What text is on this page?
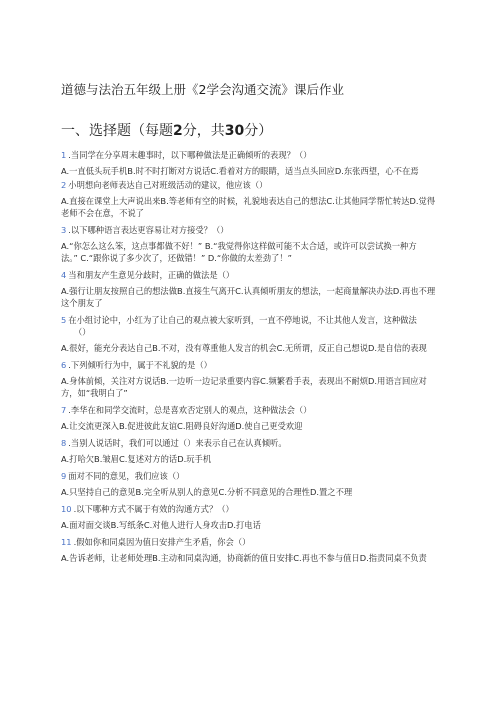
道德与法治五年级上册《2学会沟通交流》课后作业
一、选择题（每题2分，共30分）
1 .当同学在分享周末趣事时，以下哪种做法是正确倾听的表现？（）
A.一直低头玩手机B.时不时打断对方说话C.看着对方的眼睛，适当点头回应D.东张西望，心不在焉
2 小明想向老师表达自己对班级活动的建议，他应该（）
A.直接在课堂上大声说出来B.等老师有空的时候，礼貌地表达自己的想法C.让其他同学帮忙转达D.觉得
老师不会在意，不说了
3 .以下哪种语言表达更容易让对方接受？（）
A.“你怎么这么笨，这点事都做不好！” B.“我觉得你这样做可能不太合适，或许可以尝试换一种方
法。” C.“跟你说了多少次了，还做错！” D.“你做的太差劲了！”
4 当和朋友产生意见分歧时，正确的做法是（）
A.强行让朋友按照自己的想法做B.直接生气离开C.认真倾听朋友的想法，一起商量解决办法D.再也不理
这个朋友了
5 在小组讨论中，小红为了让自己的观点被大家听到，一直不停地说，不让其他人发言，这种做法
（）
A.很好，能充分表达自己B.不对，没有尊重他人发言的机会C.无所谓，反正自己想说D.是自信的表现
6 .下列倾听行为中，属于不礼貌的是（）
A.身体前倾，关注对方说话B.一边听一边记录重要内容C.频繁看手表，表现出不耐烦D.用语言回应对
方，如“我明白了”
7 .李华在和同学交流时，总是喜欢否定别人的观点，这种做法会（）
A.让交流更深入B.促进彼此友谊C.阻碍良好沟通D.使自己更受欢迎
8 .当别人说话时，我们可以通过（）来表示自己在认真倾听。
A.打哈欠B.皱眉C.复述对方的话D.玩手机
9 面对不同的意见，我们应该（）
A.只坚持自己的意见B.完全听从别人的意见C.分析不同意见的合理性D.置之不理
10 .以下哪种方式不属于有效的沟通方式？（）
A.面对面交谈B.写纸条C.对他人进行人身攻击D.打电话
11 .假如你和同桌因为值日安排产生矛盾，你会（）
A.告诉老师，让老师处理B.主动和同桌沟通，协商新的值日安排C.再也不参与值日D.指责同桌不负责
